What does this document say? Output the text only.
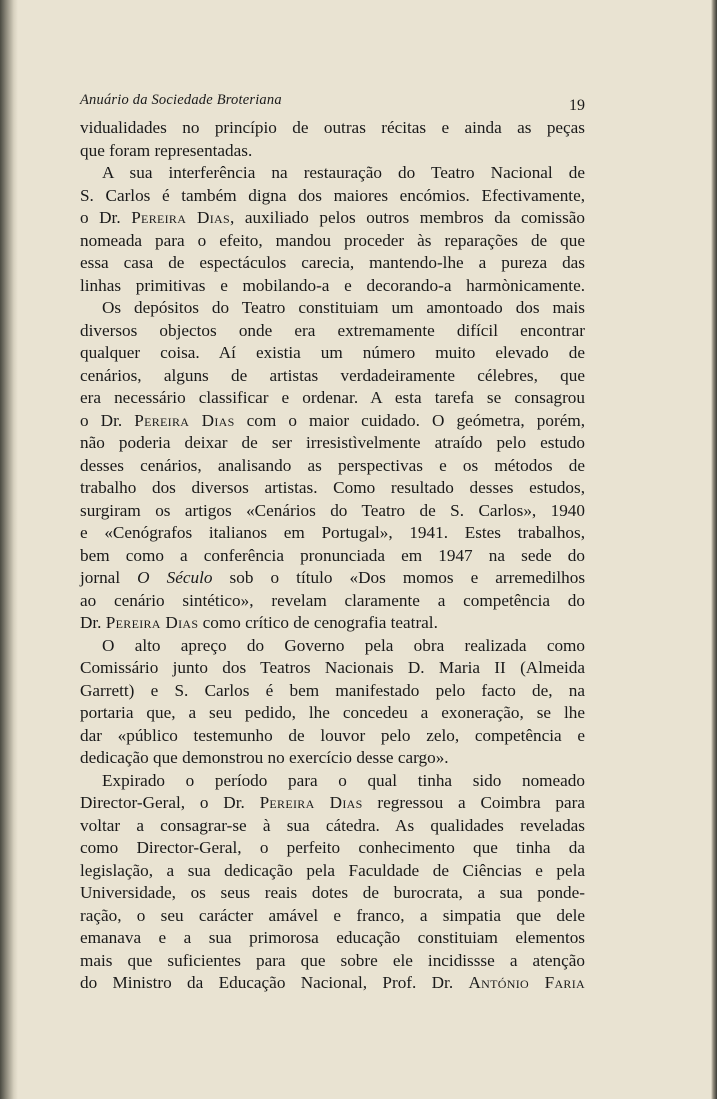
Anuário da Sociedade Broteriana	19
vidualidades no princípio de outras récitas e ainda as peças
que foram representadas.
A sua interferência na restauração do Teatro Nacional de
S. Carlos é também digna dos maiores encómios. Efectivamente,
o Dr. Pereira Dias, auxiliado pelos outros membros da comissão
nomeada para o efeito, mandou proceder às reparações de que
essa casa de espectáculos carecia, mantendo-lhe a pureza das
linhas primitivas e mobilando-a e decorando-a harmònicamente.
Os depósitos do Teatro constituiam um amontoado dos mais
diversos objectos onde era extremamente difícil encontrar
qualquer coisa. Aí existia um número muito elevado de
cenários, alguns de artistas verdadeiramente célebres, que
era necessário classificar e ordenar. A esta tarefa se consagrou
o Dr. Pereira Dias com o maior cuidado. O geómetra, porém,
não poderia deixar de ser irresistìvelmente atraído pelo estudo
desses cenários, analisando as perspectivas e os métodos de
trabalho dos diversos artistas. Como resultado desses estudos,
surgiram os artigos «Cenários do Teatro de S. Carlos», 1940
e «Cenógrafos italianos em Portugal», 1941. Estes trabalhos,
bem como a conferência pronunciada em 1947 na sede do
jornal O Século sob o título «Dos momos e arremedilhos
ao cenário sintético», revelam claramente a competência do
Dr. Pereira Dias como crítico de cenografia teatral.
O alto apreço do Governo pela obra realizada como
Comissário junto dos Teatros Nacionais D. Maria II (Almeida
Garrett) e S. Carlos é bem manifestado pelo facto de, na
portaria que, a seu pedido, lhe concedeu a exoneração, se lhe
dar «público testemunho de louvor pelo zelo, competência e
dedicação que demonstrou no exercício desse cargo».
Expirado o período para o qual tinha sido nomeado
Director-Geral, o Dr. Pereira Dias regressou a Coimbra para
voltar a consagrar-se à sua cátedra. As qualidades reveladas
como Director-Geral, o perfeito conhecimento que tinha da
legislação, a sua dedicação pela Faculdade de Ciências e pela
Universidade, os seus reais dotes de burocrata, a sua ponde-
ração, o seu carácter amável e franco, a simpatia que dele
emanava e a sua primorosa educação constituiam elementos
mais que suficientes para que sobre ele incidissse a atenção
do Ministro da Educação Nacional, Prof. Dr. António Faria
